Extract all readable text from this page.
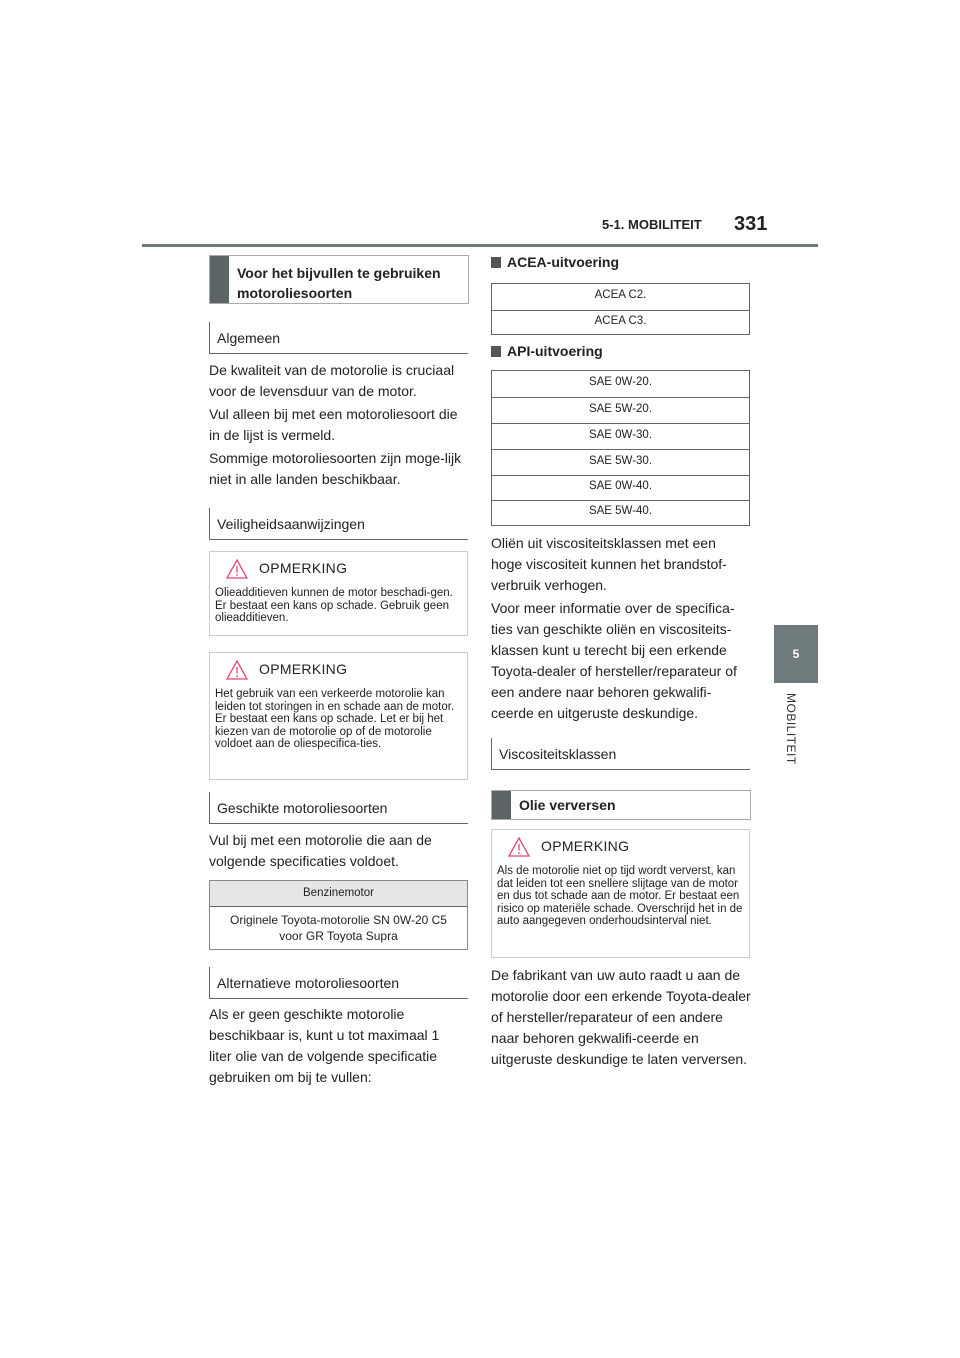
5-1. MOBILITEIT 331
5
MOBILITEIT
Voor het bijvullen te gebruiken motoroliesoorten
Algemeen
De kwaliteit van de motorolie is cruciaal voor de levensduur van de motor.
Vul alleen bij met een motoroliesoort die in de lijst is vermeld.
Sommige motoroliesoorten zijn moge-lijk niet in alle landen beschikbaar.
Veiligheidsaanwijzingen
OPMERKING
Olieadditieven kunnen de motor beschadi-gen. Er bestaat een kans op schade. Gebruik geen olieadditieven.
OPMERKING
Het gebruik van een verkeerde motorolie kan leiden tot storingen in en schade aan de motor. Er bestaat een kans op schade. Let er bij het kiezen van de motorolie op of de motorolie voldoet aan de oliespecifica-ties.
Geschikte motoroliesoorten
Vul bij met een motorolie die aan de volgende specificaties voldoet.
Benzinemotor
Originele Toyota-motorolie SN 0W-20 C5
voor GR Toyota Supra
Alternatieve motoroliesoorten
Als er geen geschikte motorolie beschikbaar is, kunt u tot maximaal 1 liter olie van de volgende specificatie gebruiken om bij te vullen:
ACEA-uitvoering
ACEA C2.
ACEA C3.
API-uitvoering
SAE 0W-20.
SAE 5W-20.
SAE 0W-30.
SAE 5W-30.
SAE 0W-40.
SAE 5W-40.
Oliën uit viscositeitsklassen met een hoge viscositeit kunnen het brandstof-verbruik verhogen.
Voor meer informatie over de specifica-ties van geschikte oliën en viscositeits-klassen kunt u terecht bij een erkende Toyota-dealer of hersteller/reparateur of een andere naar behoren gekwalifi-ceerde en uitgeruste deskundige.
Viscositeitsklassen
Olie verversen
OPMERKING
Als de motorolie niet op tijd wordt ververst, kan dat leiden tot een snellere slijtage van de motor en dus tot schade aan de motor. Er bestaat een risico op materiële schade. Overschrijd het in de auto aangegeven onderhoudsinterval niet.
De fabrikant van uw auto raadt u aan de motorolie door een erkende Toyota-dealer of hersteller/reparateur of een andere naar behoren gekwalifi-ceerde en uitgeruste deskundige te laten verversen.
